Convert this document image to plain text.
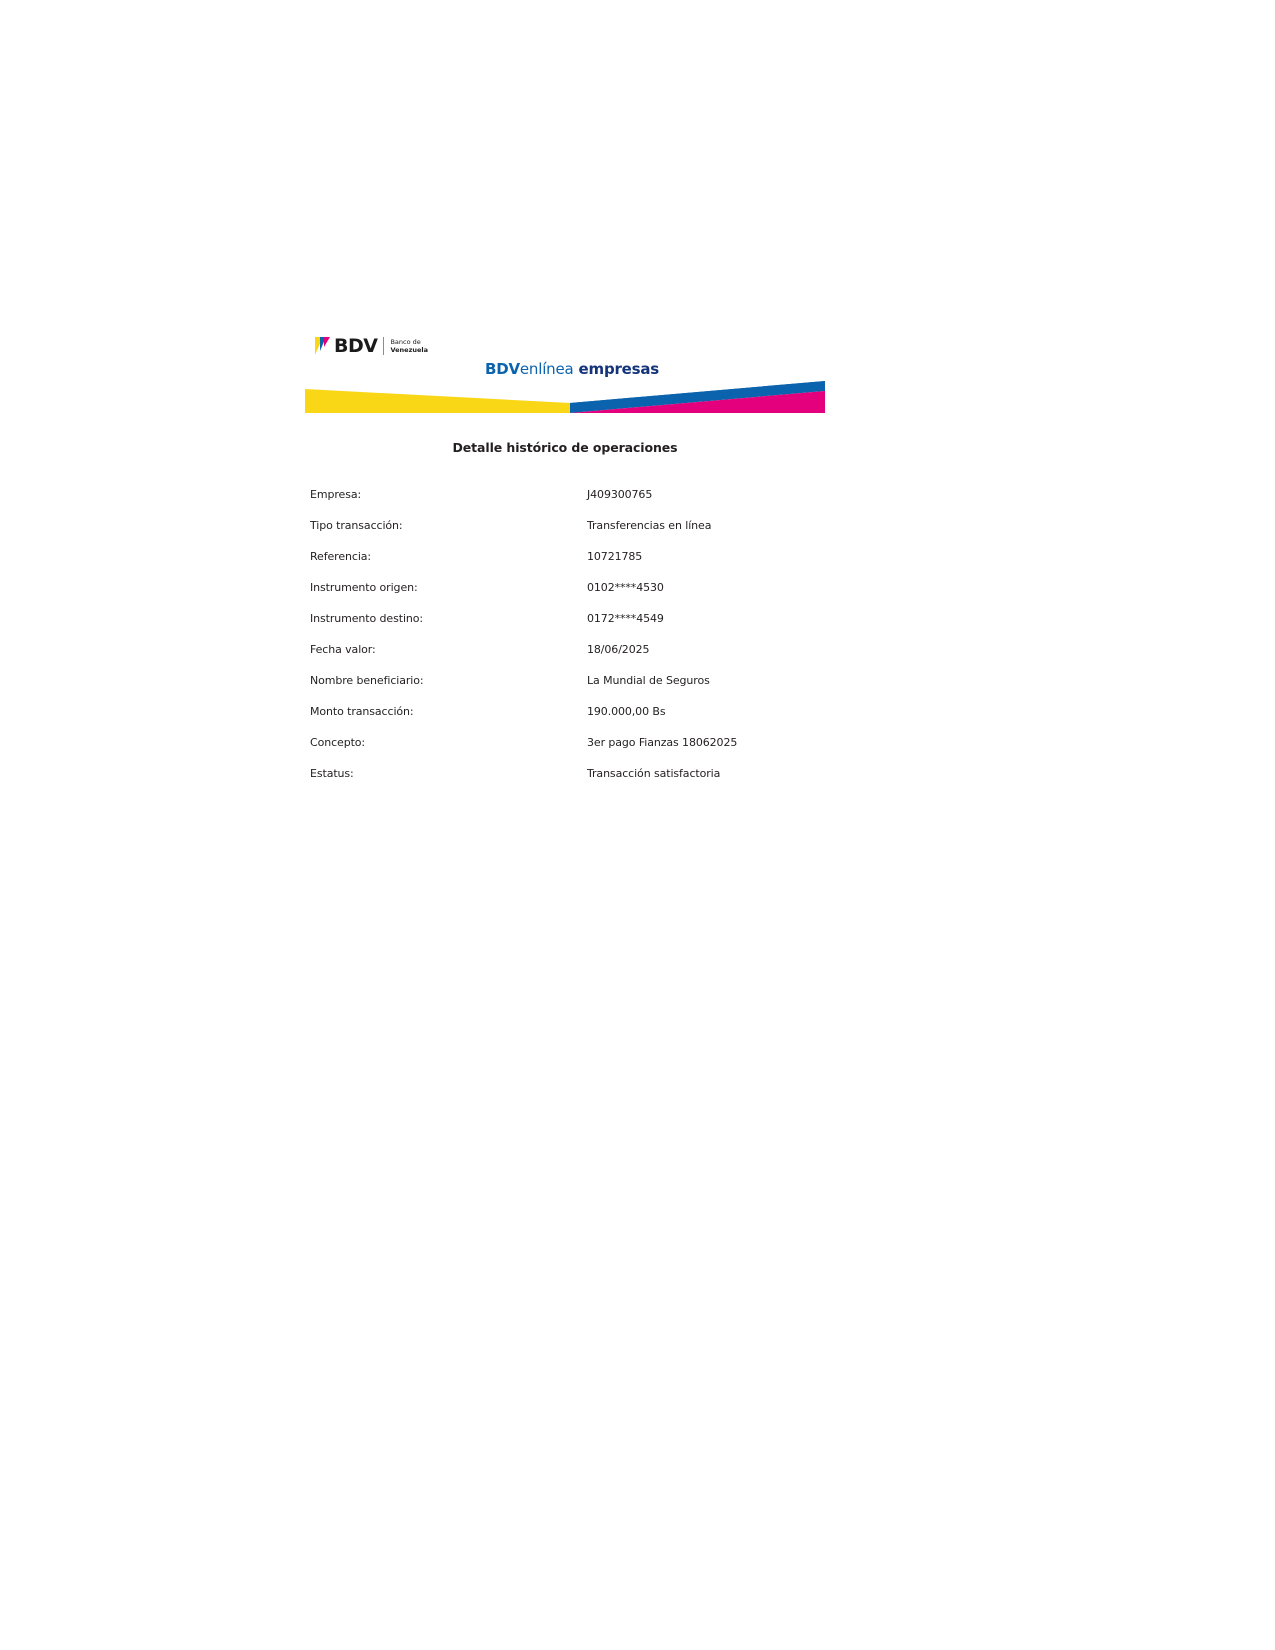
BDV Banco de
Venezuela
BDVenlínea empresas
Detalle histórico de operaciones
Empresa:	J409300765
Tipo transacción:	Transferencias en línea
Referencia:	10721785
Instrumento origen:	0102****4530
Instrumento destino:	0172****4549
Fecha valor:	18/06/2025
Nombre beneficiario:	La Mundial de Seguros
Monto transacción:	190.000,00 Bs
Concepto:	3er pago Fianzas 18062025
Estatus:	Transacción satisfactoria
